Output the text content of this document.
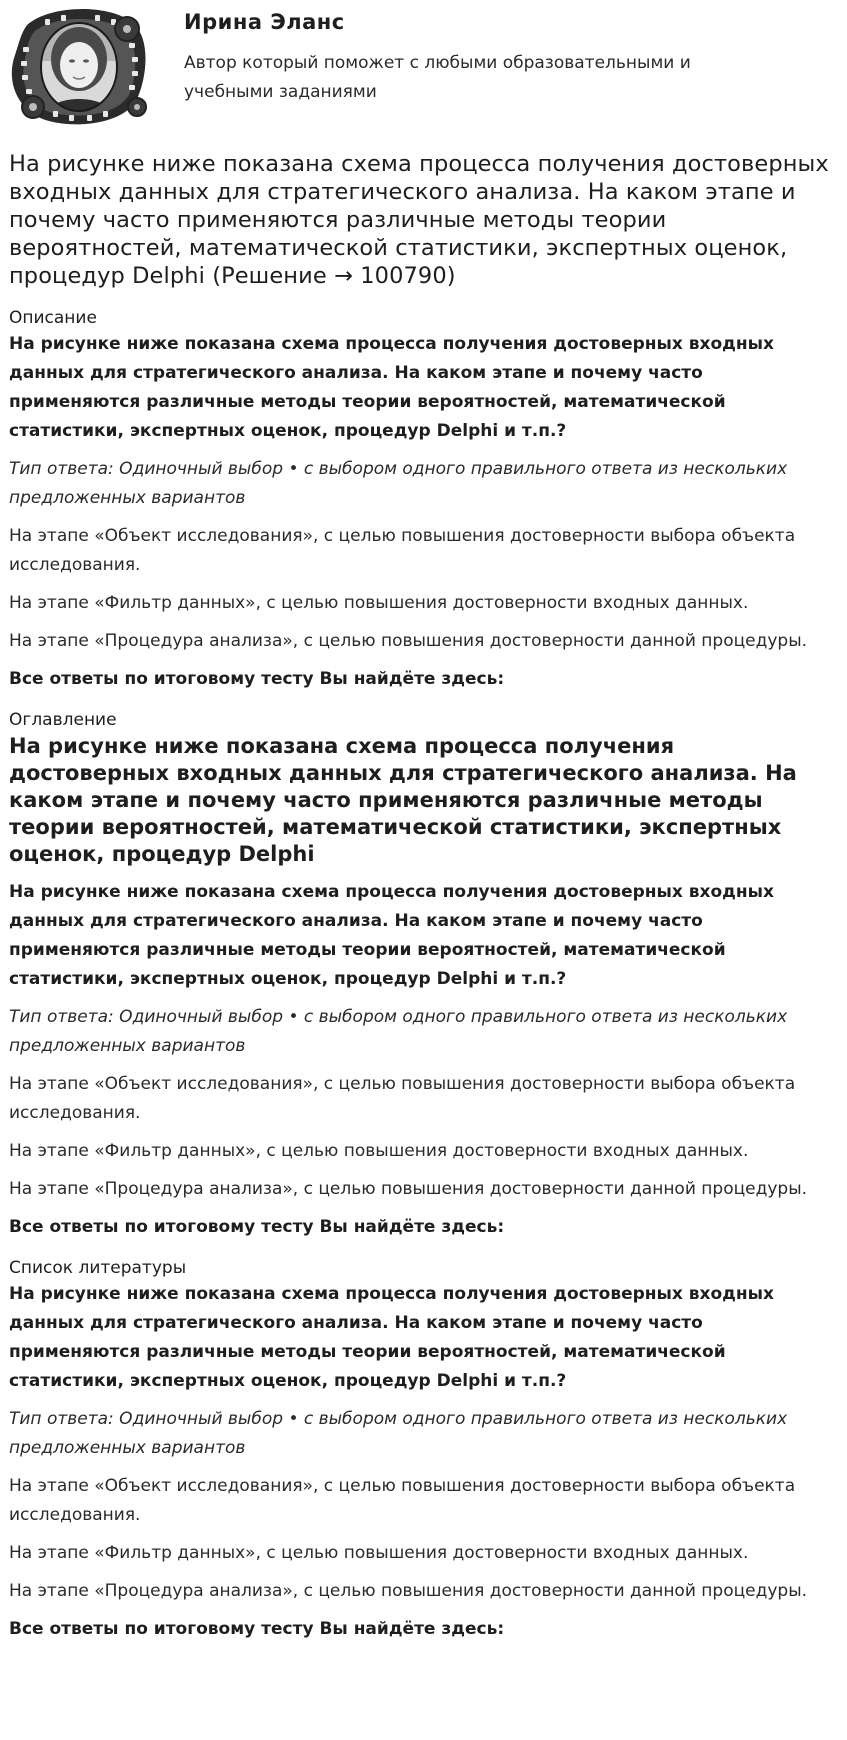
Ирина Эланс

Автор который поможет с любыми образовательными и учебными заданиями

На рисунке ниже показана схема процесса получения достоверных входных данных для стратегического анализа. На каком этапе и почему часто применяются различные методы теории вероятностей, математической статистики, экспертных оценок, процедур Delphi (Решение → 100790)
Описание

На рисунке ниже показана схема процесса получения достоверных входных данных для стратегического анализа. На каком этапе и почему часто применяются различные методы теории вероятностей, математической статистики, экспертных оценок, процедур Delphi и т.п.?

Тип ответа: Одиночный выбор • с выбором одного правильного ответа из нескольких предложенных вариантов

На этапе «Объект исследования», с целью повышения достоверности выбора объекта исследования.

На этапе «Фильтр данных», с целью повышения достоверности входных данных.

На этапе «Процедура анализа», с целью повышения достоверности данной процедуры.

Все ответы по итоговому тесту Вы найдёте здесь:

Оглавление
На рисунке ниже показана схема процесса получения достоверных входных данных для стратегического анализа. На каком этапе и почему часто применяются различные методы теории вероятностей, математической статистики, экспертных оценок, процедур Delphi

На рисунке ниже показана схема процесса получения достоверных входных данных для стратегического анализа. На каком этапе и почему часто применяются различные методы теории вероятностей, математической статистики, экспертных оценок, процедур Delphi и т.п.?

Тип ответа: Одиночный выбор • с выбором одного правильного ответа из нескольких предложенных вариантов

На этапе «Объект исследования», с целью повышения достоверности выбора объекта исследования.

На этапе «Фильтр данных», с целью повышения достоверности входных данных.

На этапе «Процедура анализа», с целью повышения достоверности данной процедуры.

Все ответы по итоговому тесту Вы найдёте здесь:

Список литературы

На рисунке ниже показана схема процесса получения достоверных входных данных для стратегического анализа. На каком этапе и почему часто применяются различные методы теории вероятностей, математической статистики, экспертных оценок, процедур Delphi и т.п.?

Тип ответа: Одиночный выбор • с выбором одного правильного ответа из нескольких предложенных вариантов

На этапе «Объект исследования», с целью повышения достоверности выбора объекта исследования.

На этапе «Фильтр данных», с целью повышения достоверности входных данных.

На этапе «Процедура анализа», с целью повышения достоверности данной процедуры.

Все ответы по итоговому тесту Вы найдёте здесь:
